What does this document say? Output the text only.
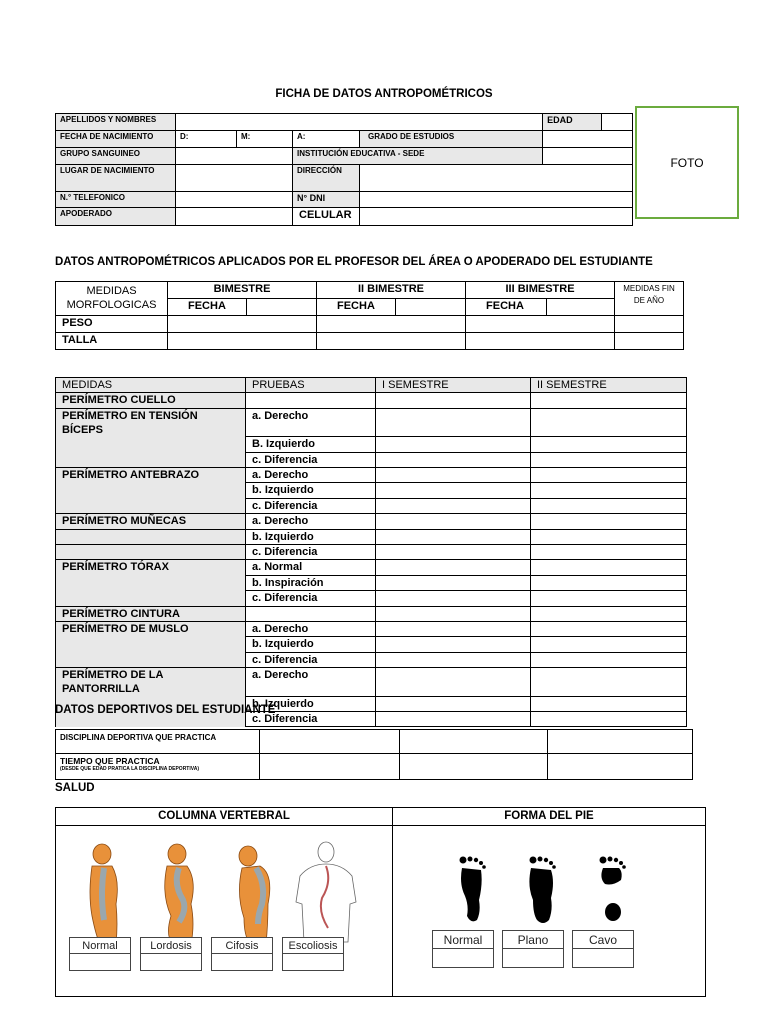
FICHA DE DATOS ANTROPOMÉTRICOS
APELLIDOS Y NOMBRES					EDAD	
FECHA DE NACIMIENTO	D:	M:	A:	GRADO DE ESTUDIOS		
GRUPO SANGUINEO			INSTITUCIÓN EDUCATIVA - SEDE			
LUGAR DE NACIMIENTO			DIRECCIÓN			
N.° TELEFONICO			N° DNI			
APODERADO			CELULAR			
FOTO
DATOS ANTROPOMÉTRICOS APLICADOS POR EL PROFESOR DEL ÁREA O APODERADO DEL ESTUDIANTE
MEDIDAS MORFOLOGICAS	BIMESTRE		II BIMESTRE		III BIMESTRE		MEDIDAS FIN DE AÑO
	FECHA		FECHA		FECHA		
PESO							
TALLA							
MEDIDAS	PRUEBAS	I SEMESTRE	II SEMESTRE
PERÍMETRO CUELLO			
PERÍMETRO EN TENSIÓN BÍCEPS	a. Derecho		
	B. Izquierdo		
	c. Diferencia		
PERÍMETRO ANTEBRAZO	a. Derecho		
	b. Izquierdo		
	c. Diferencia		
PERÍMETRO MUÑECAS	a. Derecho		
	b. Izquierdo		
	c. Diferencia		
PERÍMETRO TÓRAX	a. Normal		
	b. Inspiración		
	c. Diferencia		
PERÍMETRO CINTURA			
PERÍMETRO DE MUSLO	a. Derecho		
	b. Izquierdo		
	c. Diferencia		
PERÍMETRO DE LA PANTORRILLA	a. Derecho		
	b. Izquierdo		
	c. Diferencia		
DATOS DEPORTIVOS DEL ESTUDIANTE
DISCIPLINA DEPORTIVA QUE PRACTICA			

TIEMPO QUE PRACTICA
(DESDE QUE EDAD PRATICA LA DISCIPLINA DEPORTIVA)			

SALUD
COLUMNA VERTEBRAL	FORMA DEL PIE
Normal	Lordosis	Cifosis	Escoliosis	Normal	Plano	Cavo
